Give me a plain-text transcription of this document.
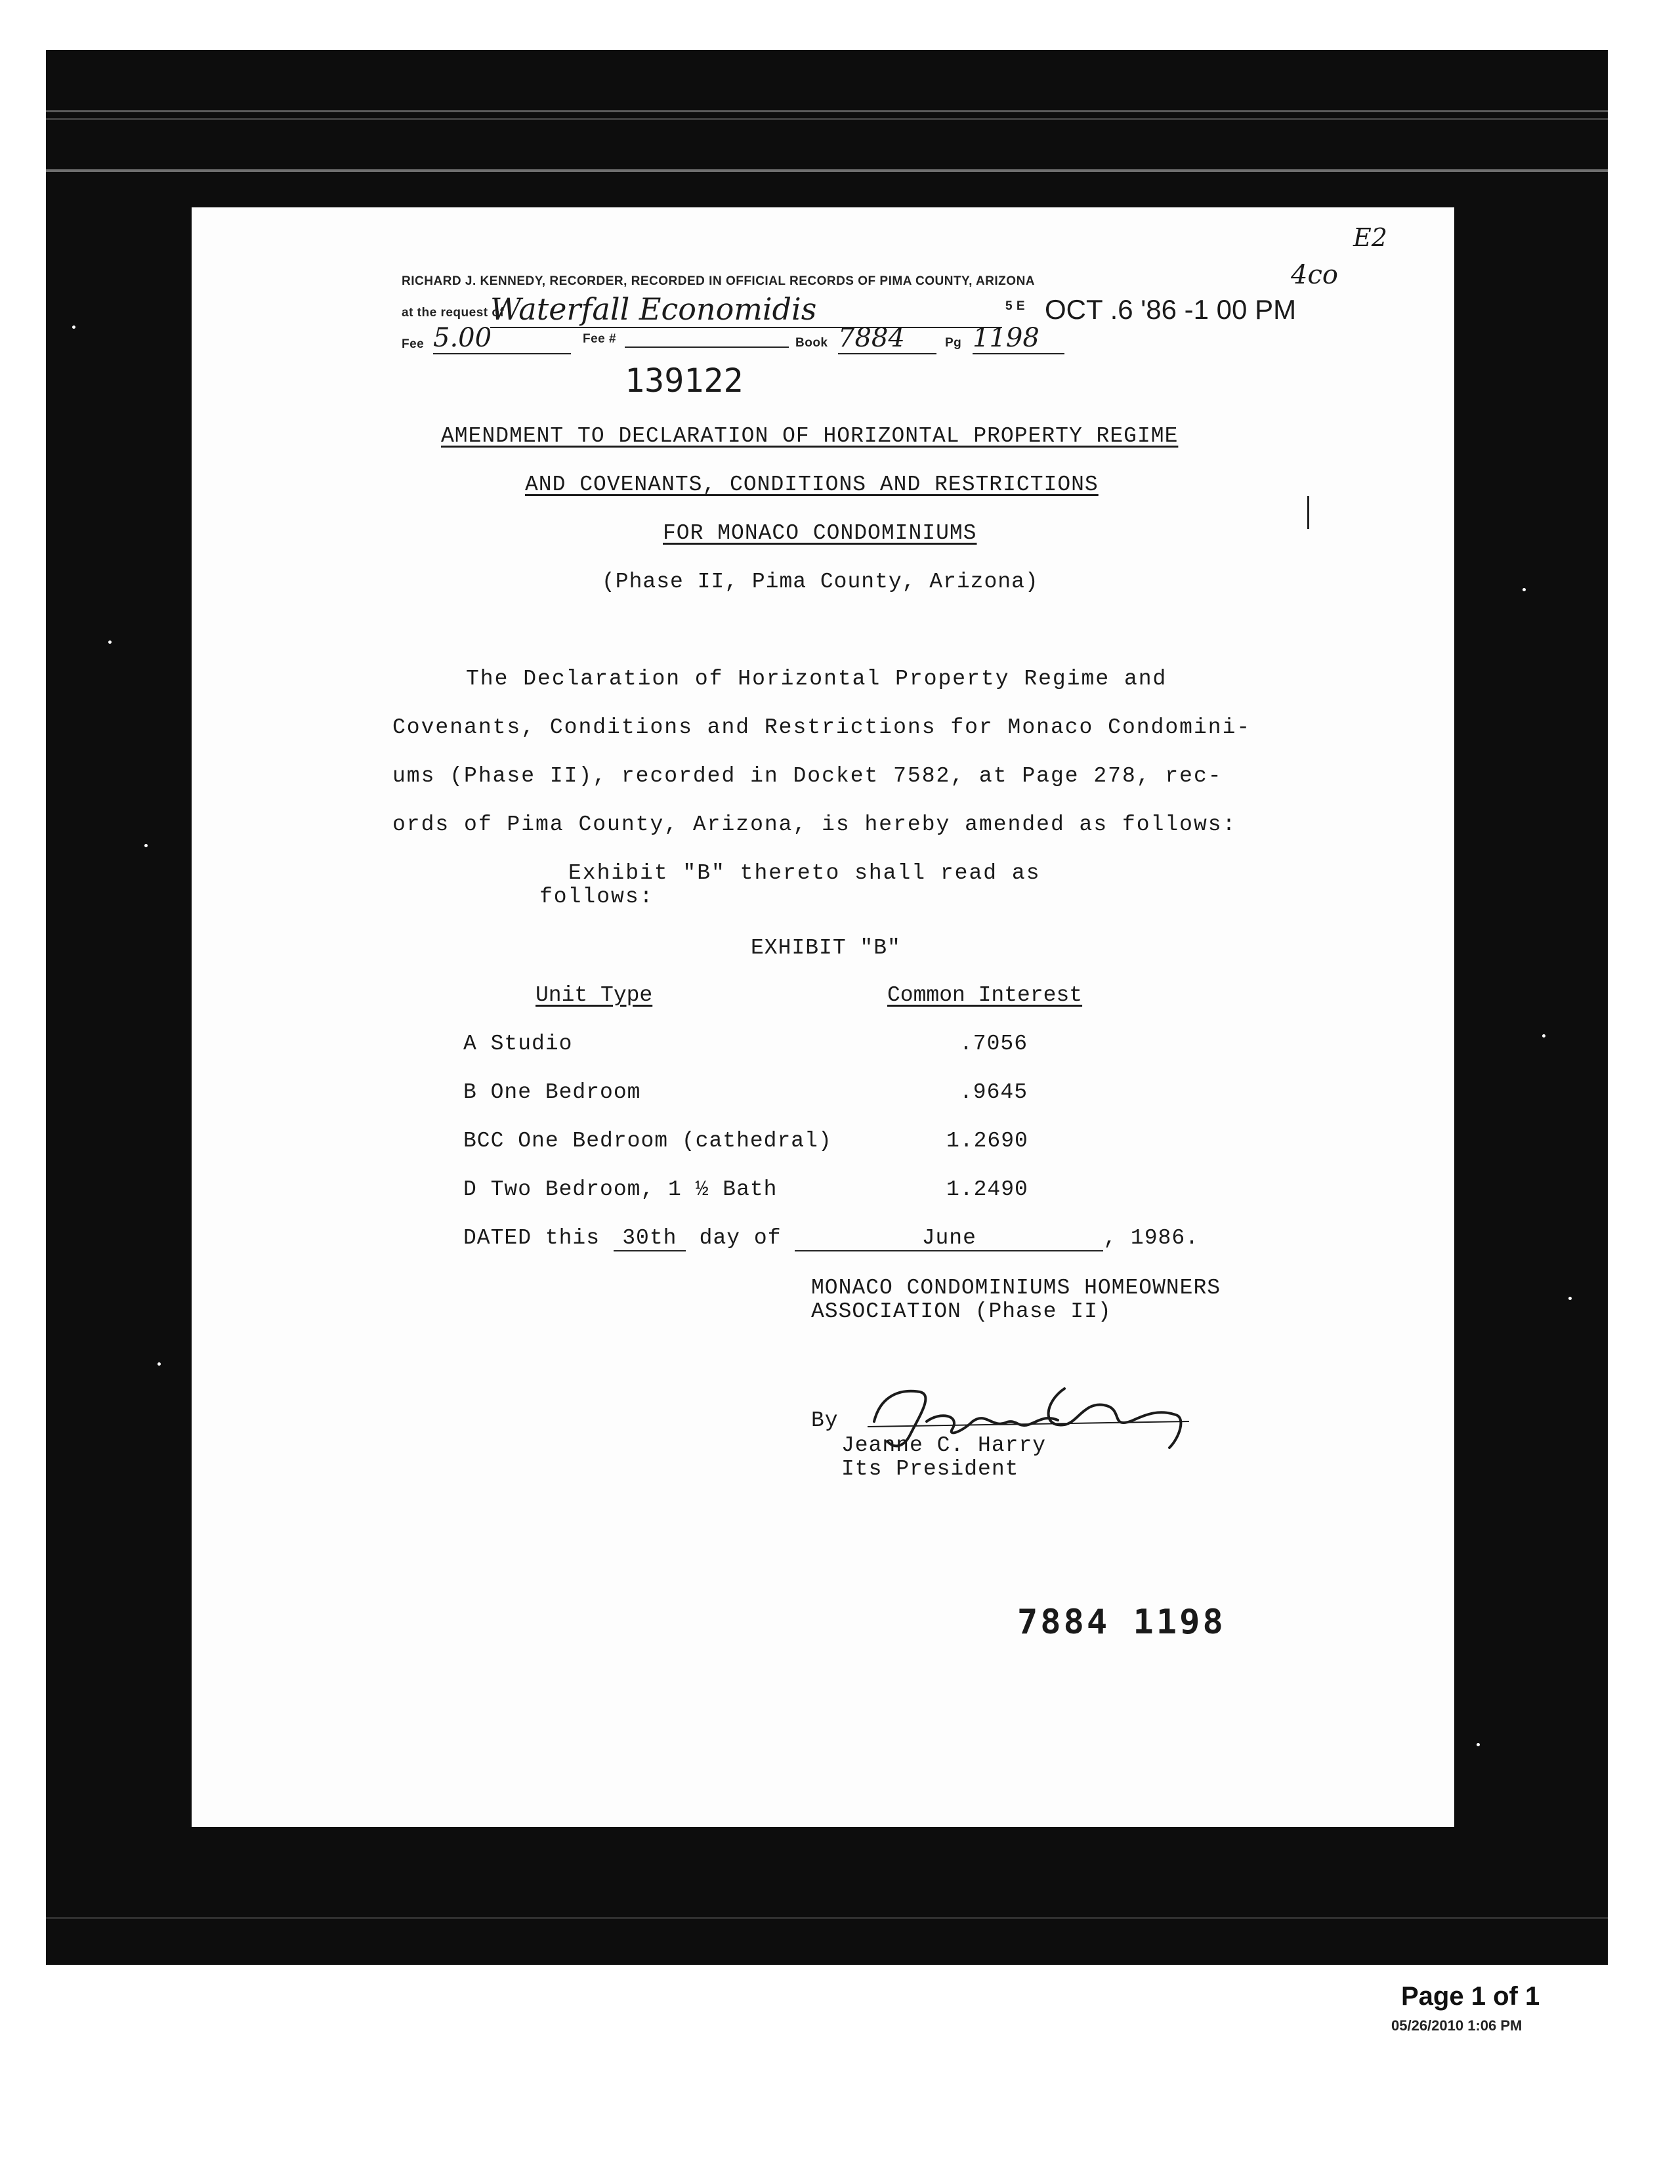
RICHARD J. KENNEDY, RECORDER, RECORDED IN OFFICIAL RECORDS OF PIMA COUNTY, ARIZONA	4co
at the request of
Waterfall Economidis	5 E OCT .6 '86 -1 00 PM
Fee 5.00	Fee #	Book 7884	Pg 1198
139122
E2
AMENDMENT TO DECLARATION OF HORIZONTAL PROPERTY REGIME
AND COVENANTS, CONDITIONS AND RESTRICTIONS
FOR MONACO CONDOMINIUMS
(Phase II, Pima County, Arizona)
The Declaration of Horizontal Property Regime and
Covenants, Conditions and Restrictions for Monaco Condomini-
ums (Phase II), recorded in Docket 7582, at Page 278, rec-
ords of Pima County, Arizona, is hereby amended as follows:
Exhibit "B" thereto shall read as
follows:
EXHIBIT "B"
Unit Type	Common Interest
A Studio	.7056
B One Bedroom	.9645
BCC One Bedroom (cathedral)	1.2690
D Two Bedroom, 1 ½ Bath	1.2490
DATED this 30th day of	June	, 1986.
MONACO CONDOMINIUMS HOMEOWNERS
ASSOCIATION (Phase II)
By
Jeanne C. Harry
Its President
7884 1198
Page 1 of 1
05/26/2010 1:06 PM
